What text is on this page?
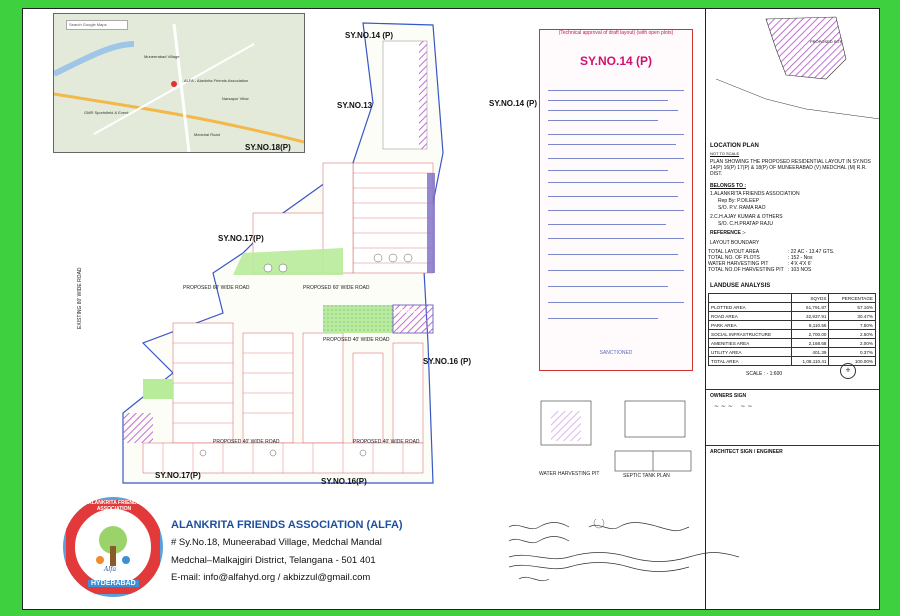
Search Google Maps
Muneerabad Village
ALFA - Alankrita Friends Association
GMR Sportsfield & Event
Narsapur Vihar
Medchal Road
SY.NO.14 (P)
SY.NO.13	SY.NO.14 (P)
SY.NO.18(P)
SY.NO.17(P)
SY.NO.16 (P)
SY.NO.17(P)
SY.NO.16(P)
PROPOSED 60' WIDE ROAD	PROPOSED 60' WIDE ROAD
PROPOSED 40' WIDE ROAD
PROPOSED 40' WIDE ROAD	PROPOSED 40' WIDE ROAD
AMENITIES
EXISTING 80' WIDE ROAD
(Technical approval of draft layout) (with open plots)
SY.NO.14 (P)
SANCTIONED
WATER HARVESTING PIT	SEPTIC TANK PLAN
PROPOSED SITE
LOCATION PLAN
NOT TO SCALE
PLAN SHOWING THE PROPOSED RESIDENTIAL LAYOUT IN SY.NOS 14(P) 16(P) 17(P) & 18(P) OF MUNEERABAD (V) MEDCHAL (M) R.R. DIST.
BELONGS TO :
1.ALANKRITA FRIENDS ASSOCIATION
Rep By: P.DILEEP
S/O. P.V. RAMA RAO
2.C.H.AJAY KUMAR & OTHERS
S/O. C.H.PRATAP RAJU
REFERENCE :-
LAYOUT BOUNDARY
TOTAL LAYOUT AREA	: 22 AC - 13.47 GTS.
TOTAL NO. OF PLOTS	: 152 - Nos
WATER HARVESTING PIT	: 4'X 4'X 6'
TOTAL NO.OF HARVESTING PIT : 103 NOS
LANDUSE ANALYSIS
	SQYDS	PERCENTAGE
PLOTTED AREA	61,791.87	57.16%
ROAD AREA	32,937.91	30.47%
PARK AREA	8,110.56	7.50%
SOCIAL INFRASTRUCTURE	2,700.00	2.50%
AMENITIES AREA	2,168.68	2.00%
UTILITY AREA	401.39	0.37%
TOTAL AREA	1,08,110.41	100.00%
SCALE : - 1:600	✛
OWNERS SIGN
~ ~ ~    ~ ~
ARCHITECT SIGN / ENGINEER
ALANKRITA FRIENDS ASSOCIATION
HYDERABAD
Alfa
ALANKRITA FRIENDS ASSOCIATION (ALFA)
# Sy.No.18, Muneerabad Village, Medchal Mandal
Medchal–Malkajgiri District, Telangana - 501 401
E-mail: info@alfahyd.org / akbizzul@gmail.com
